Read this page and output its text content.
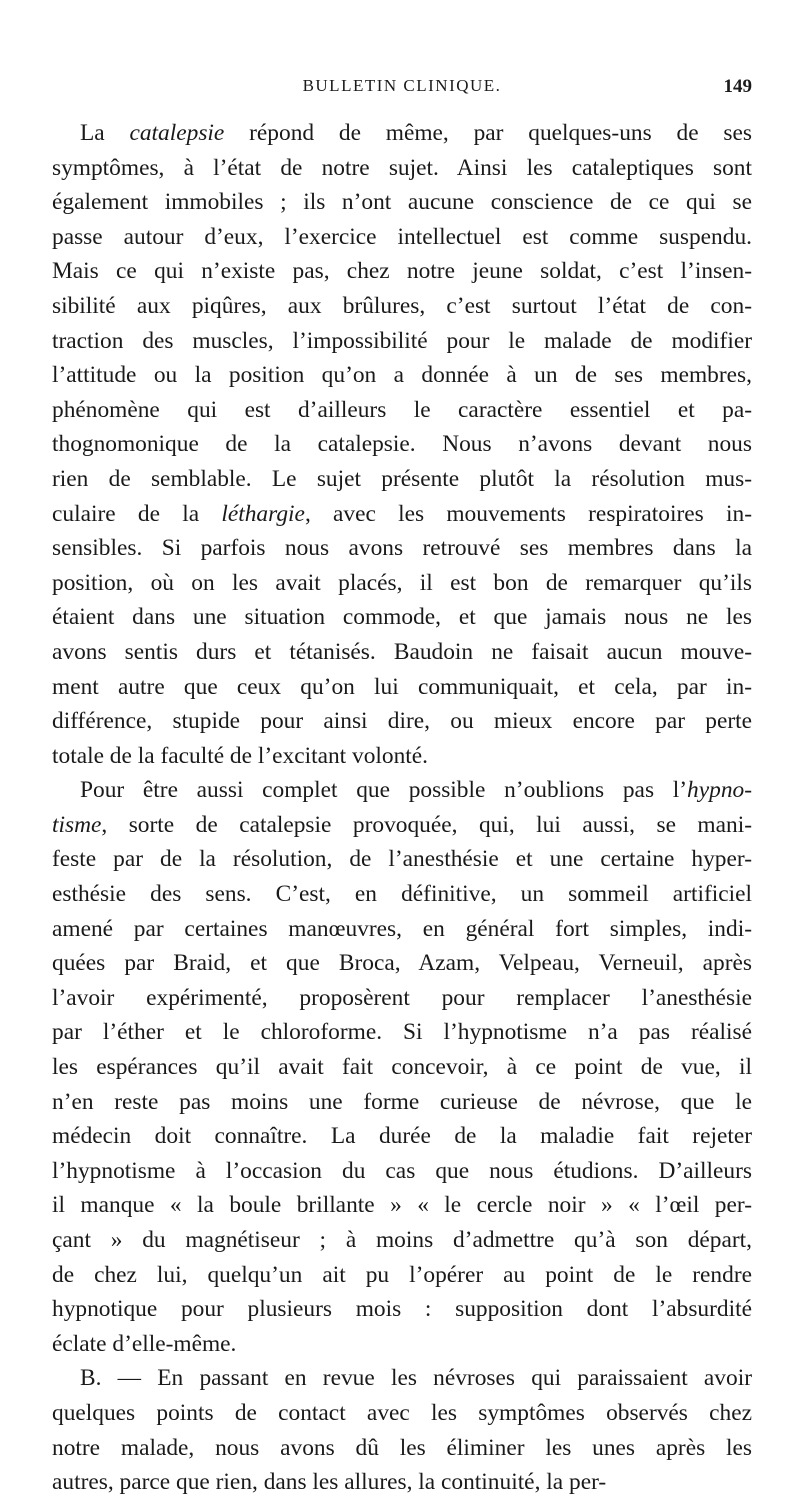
BULLETIN CLINIQUE.	149
La catalepsie répond de même, par quelques-uns de ses
symptômes, à l’état de notre sujet. Ainsi les cataleptiques sont
également immobiles ; ils n’ont aucune conscience de ce qui se
passe autour d’eux, l’exercice intellectuel est comme suspendu.
Mais ce qui n’existe pas, chez notre jeune soldat, c’est l’insen-
sibilité aux piqûres, aux brûlures, c’est surtout l’état de con-
traction des muscles, l’impossibilité pour le malade de modifier
l’attitude ou la position qu’on a donnée à un de ses membres,
phénomène qui est d’ailleurs le caractère essentiel et pa-
thognomonique de la catalepsie. Nous n’avons devant nous
rien de semblable. Le sujet présente plutôt la résolution mus-
culaire de la léthargie, avec les mouvements respiratoires in-
sensibles. Si parfois nous avons retrouvé ses membres dans la
position, où on les avait placés, il est bon de remarquer qu’ils
étaient dans une situation commode, et que jamais nous ne les
avons sentis durs et tétanisés. Baudoin ne faisait aucun mouve-
ment autre que ceux qu’on lui communiquait, et cela, par in-
différence, stupide pour ainsi dire, ou mieux encore par perte
totale de la faculté de l’excitant volonté.
Pour être aussi complet que possible n’oublions pas l’hypno-
tisme, sorte de catalepsie provoquée, qui, lui aussi, se mani-
feste par de la résolution, de l’anesthésie et une certaine hyper-
esthésie des sens. C’est, en définitive, un sommeil artificiel
amené par certaines manœuvres, en général fort simples, indi-
quées par Braid, et que Broca, Azam, Velpeau, Verneuil, après
l’avoir expérimenté, proposèrent pour remplacer l’anesthésie
par l’éther et le chloroforme. Si l’hypnotisme n’a pas réalisé
les espérances qu’il avait fait concevoir, à ce point de vue, il
n’en reste pas moins une forme curieuse de névrose, que le
médecin doit connaître. La durée de la maladie fait rejeter
l’hypnotisme à l’occasion du cas que nous étudions. D’ailleurs
il manque « la boule brillante » « le cercle noir » « l’œil per-
çant » du magnétiseur ; à moins d’admettre qu’à son départ,
de chez lui, quelqu’un ait pu l’opérer au point de le rendre
hypnotique pour plusieurs mois : supposition dont l’absurdité
éclate d’elle-même.
B. — En passant en revue les névroses qui paraissaient avoir
quelques points de contact avec les symptômes observés chez
notre malade, nous avons dû les éliminer les unes après les
autres, parce que rien, dans les allures, la continuité, la per-
